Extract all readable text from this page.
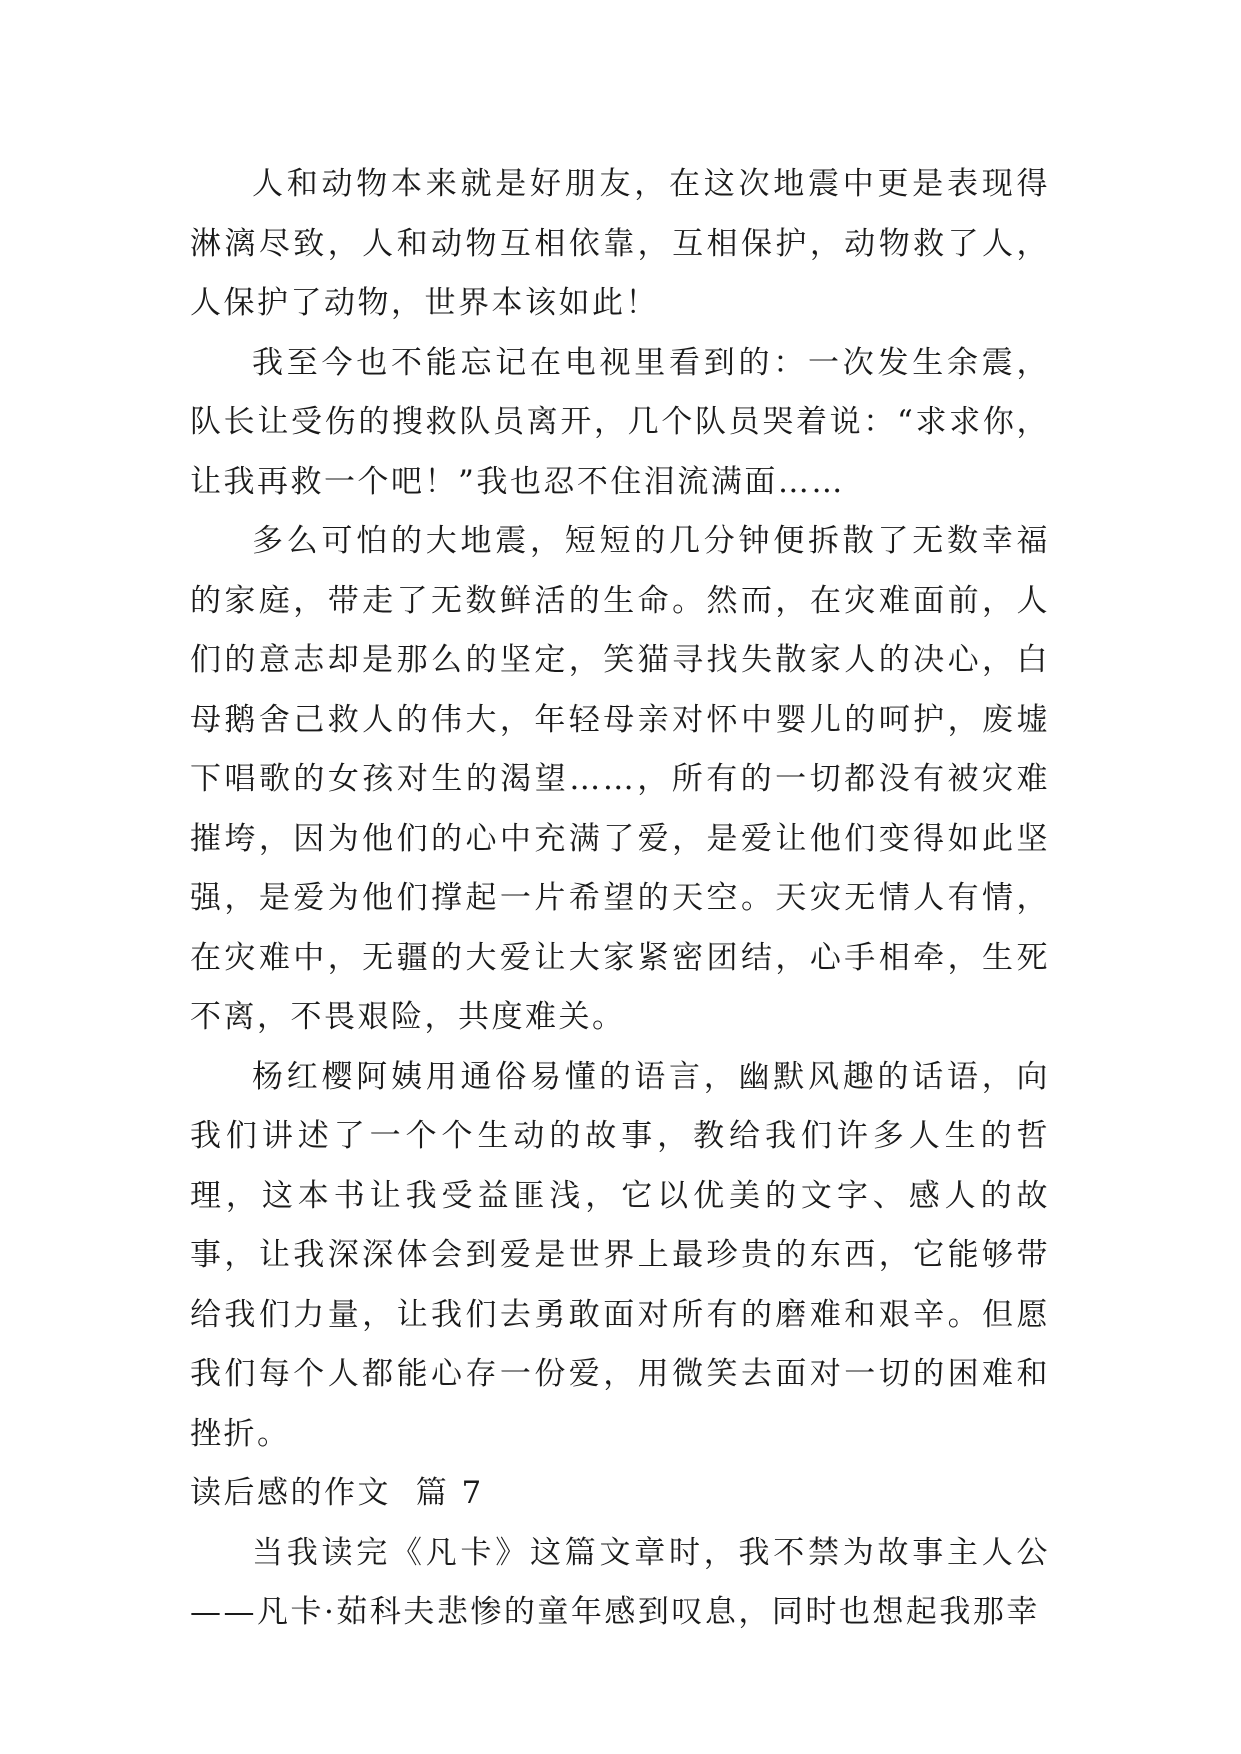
人和动物本来就是好朋友，在这次地震中更是表现得淋漓尽致，人和动物互相依靠，互相保护，动物救了人，人保护了动物，世界本该如此！

我至今也不能忘记在电视里看到的：一次发生余震，队长让受伤的搜救队员离开，几个队员哭着说：“求求你，让我再救一个吧！”我也忍不住泪流满面……

多么可怕的大地震，短短的几分钟便拆散了无数幸福的家庭，带走了无数鲜活的生命。然而，在灾难面前，人们的意志却是那么的坚定，笑猫寻找失散家人的决心，白母鹅舍己救人的伟大，年轻母亲对怀中婴儿的呵护，废墟下唱歌的女孩对生的渴望……，所有的一切都没有被灾难摧垮，因为他们的心中充满了爱，是爱让他们变得如此坚强，是爱为他们撑起一片希望的天空。天灾无情人有情，在灾难中，无疆的大爱让大家紧密团结，心手相牵，生死不离，不畏艰险，共度难关。

杨红樱阿姨用通俗易懂的语言，幽默风趣的话语，向我们讲述了一个个生动的故事，教给我们许多人生的哲理，这本书让我受益匪浅，它以优美的文字、感人的故事，让我深深体会到爱是世界上最珍贵的东西，它能够带给我们力量，让我们去勇敢面对所有的磨难和艰辛。但愿我们每个人都能心存一份爱，用微笑去面对一切的困难和挫折。

读后感的作文  篇 7

当我读完《凡卡》这篇文章时，我不禁为故事主人公——凡卡·茹科夫悲惨的童年感到叹息，同时也想起我那幸
